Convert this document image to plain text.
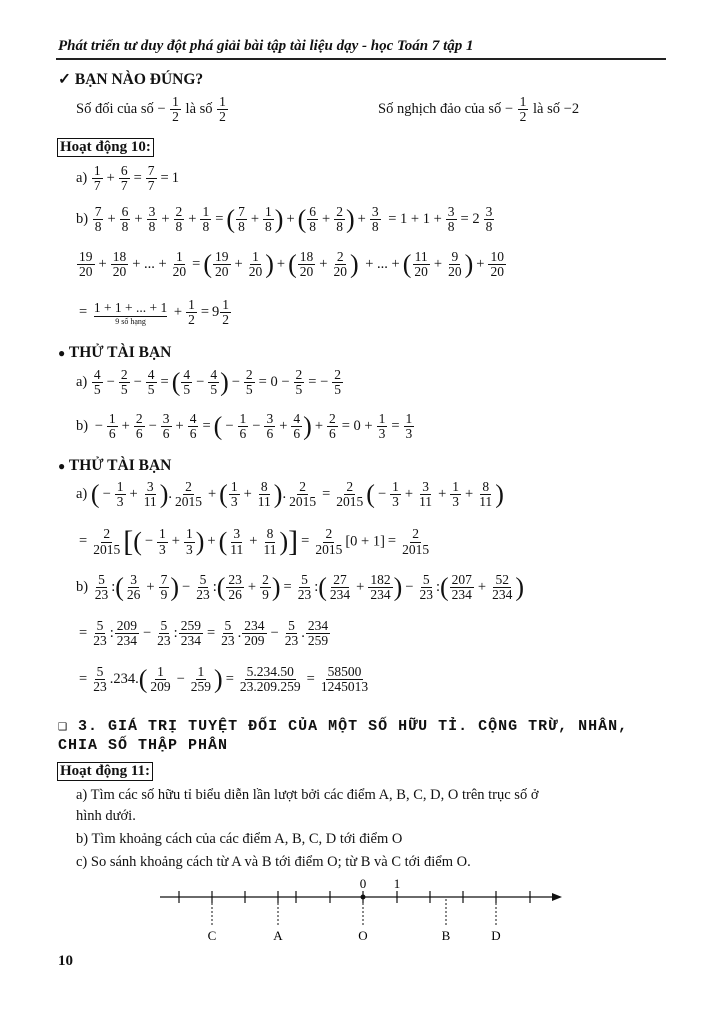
Phát triển tư duy đột phá giải bài tập tài liệu dạy - học Toán 7 tập 1
✓ BẠN NÀO ĐÚNG?
Số đối của số − $\frac{1}{2}$ là số $\frac{1}{2}$	Số nghịch đảo của số − $\frac{1}{2}$ là số −2
Hoạt động 10:
$a) \frac{1}{7} + \frac{6}{7} = \frac{7}{7} = 1$
$b) \frac{7}{8} + \frac{6}{8} + \frac{3}{8} + \frac{2}{8} + \frac{1}{8}$ = ( $\frac{7}{8} + \frac{1}{8}$ ) + ( $\frac{6}{8} + \frac{2}{8}$ ) + $\frac{3}{8} = 1 + 1 + \frac{3}{8} = 2 \frac{3}{8}$
$\frac{19}{20} + \frac{18}{20}$ + ... + $\frac{1}{20}$ = ( $\frac{19}{20} + \frac{1}{20}$ ) + ( $\frac{18}{20} + \frac{2}{20}$ ) + ... + ( $\frac{11}{20} + \frac{9}{20}$ ) + $\frac{10}{20}$
= 1 + 1 + ... + 1
9 số hạng
+ $\frac{1}{2} = 9 \frac{1}{2}$
● THỬ TÀI BẠN
$a) \frac{4}{5} - \frac{2}{5} - \frac{4}{5}$ = ( $\frac{4}{5} - \frac{4}{5}$ ) − $\frac{2}{5} = 0 - \frac{2}{5}$ = − $\frac{2}{5}$
$b) - \frac{1}{6} + \frac{2}{6} - \frac{3}{6} + \frac{4}{6}$ = ( − $\frac{1}{6} - \frac{3}{6} + \frac{4}{6}$ ) + $\frac{2}{6} = 0 + \frac{1}{3} = \frac{1}{3}$
● THỬ TÀI BẠN
a) ( − $\frac{1}{3} + \frac{3}{11}$ ). $\frac{2}{2015}$ + ( $\frac{1}{3} + \frac{8}{11}$ ). $\frac{2}{2015} = \frac{2}{2015}$ ( − $\frac{1}{3} + \frac{3}{11} + \frac{1}{3} + \frac{8}{11}$ )
= $\frac{2}{2015}$ [( − $\frac{1}{3} + \frac{1}{3}$ ) + ( $\frac{3}{11} + \frac{8}{11}$ )] = $\frac{2}{2015} [0 + 1] = \frac{2}{2015}$
$b) \frac{5}{23}$ :( $\frac{3}{26} + \frac{7}{9}$ ) − $\frac{5}{23}$ :( $\frac{23}{26} + \frac{2}{9}$ ) = $\frac{5}{23}$ :( $\frac{27}{234} + \frac{182}{234}$ ) − $\frac{5}{23}$ :( $\frac{207}{234} + \frac{52}{234}$ )
= $\frac{5}{23}$ : $\frac{209}{234} - \frac{5}{23}$ : $\frac{259}{234} = \frac{5}{23}$ . $\frac{234}{209} - \frac{5}{23}$ . $\frac{234}{259}$
= $\frac{5}{23} .234.( \frac{1}{209} - \frac{1}{259}$ ) = $\frac{5.234.50}{23.209.259} = \frac{58500}{1245013}$
❑ 3. GIÁ TRỊ TUYỆT ĐỐI CỦA MỘT SỐ HỮU TỈ. CỘNG TRỪ, NHÂN,
CHIA SỐ THẬP PHÂN
Hoạt động 11:
a) Tìm các số hữu tỉ biểu diễn lần lượt bởi các điểm A, B, C, D, O trên trục số ở
hình dưới.
b) Tìm khoảng cách của các điểm A, B, C, D tới điểm O
c) So sánh khoảng cách từ A và B tới điểm O; từ B và C tới điểm O.
0 1
C	A	O	B	D
10
